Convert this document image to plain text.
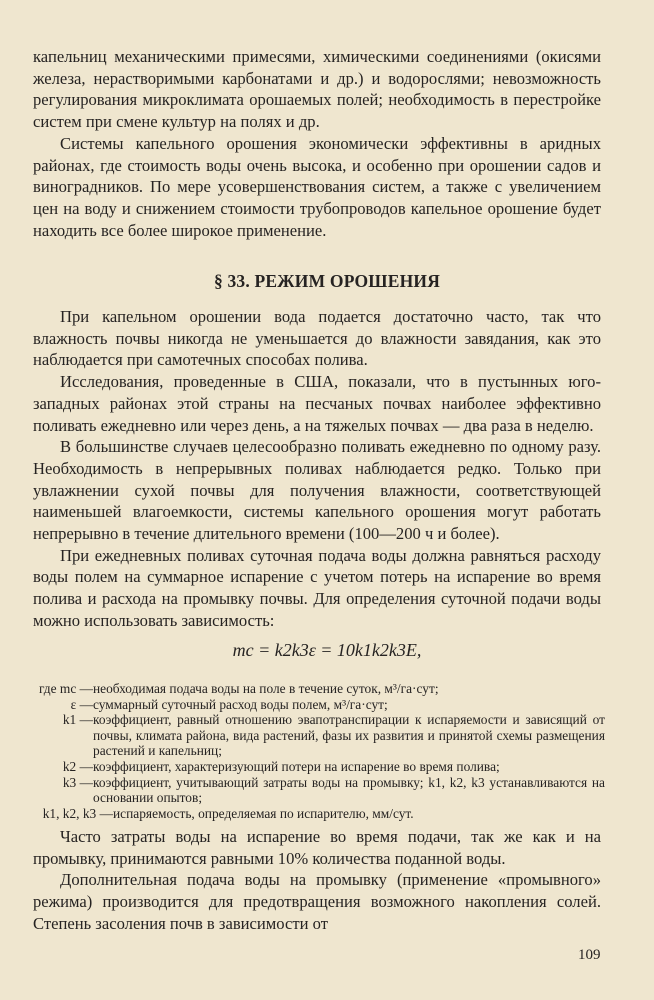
капельниц механическими примесями, химическими соединениями (окисями железа, нерастворимыми карбонатами и др.) и водорослями; невозможность регулирования микроклимата орошаемых полей; необходимость в перестройке систем при смене культур на полях и др.

Системы капельного орошения экономически эффективны в аридных районах, где стоимость воды очень высока, и особенно при орошении садов и виноградников. По мере усовершенствования систем, а также с увеличением цен на воду и снижением стоимости трубопроводов капельное орошение будет находить все более широкое применение.

§ 33. РЕЖИМ ОРОШЕНИЯ

При капельном орошении вода подается достаточно часто, так что влажность почвы никогда не уменьшается до влажности завядания, как это наблюдается при самотечных способах полива.

Исследования, проведенные в США, показали, что в пустынных юго-западных районах этой страны на песчаных почвах наиболее эффективно поливать ежедневно или через день, а на тяжелых почвах — два раза в неделю.

В большинстве случаев целесообразно поливать ежедневно по одному разу. Необходимость в непрерывных поливах наблюдается редко. Только при увлажнении сухой почвы для получения влажности, соответствующей наименьшей влагоемкости, системы капельного орошения могут работать непрерывно в течение длительного времени (100—200 ч и более).

При ежедневных поливах суточная подача воды должна равняться расходу воды полем на суммарное испарение с учетом потерь на испарение во время полива и расхода на промывку почвы. Для определения суточной подачи воды можно использовать зависимость:

mc = k2k3ε = 10k1k2k3E,
где mc — необходимая подача воды на поле в течение суток, м³/га·сут;
ε — суммарный суточный расход воды полем, м³/га·сут;
k1 — коэффициент, равный отношению эвапотранспирации к испаряемости и зависящий от почвы, климата района, вида растений, фазы их развития и принятой схемы размещения растений и капельниц;
k2 — коэффициент, характеризующий потери на испарение во время полива;
k3 — коэффициент, учитывающий затраты воды на промывку; k1, k2, k3 устанавливаются на основании опытов;
k1, k2, k3 — испаряемость, определяемая по испарителю, мм/сут.

Часто затраты воды на испарение во время подачи, так же как и на промывку, принимаются равными 10% количества поданной воды.

Дополнительная подача воды на промывку (применение «промывного» режима) производится для предотвращения возможного накопления солей. Степень засоления почв в зависимости от

109
